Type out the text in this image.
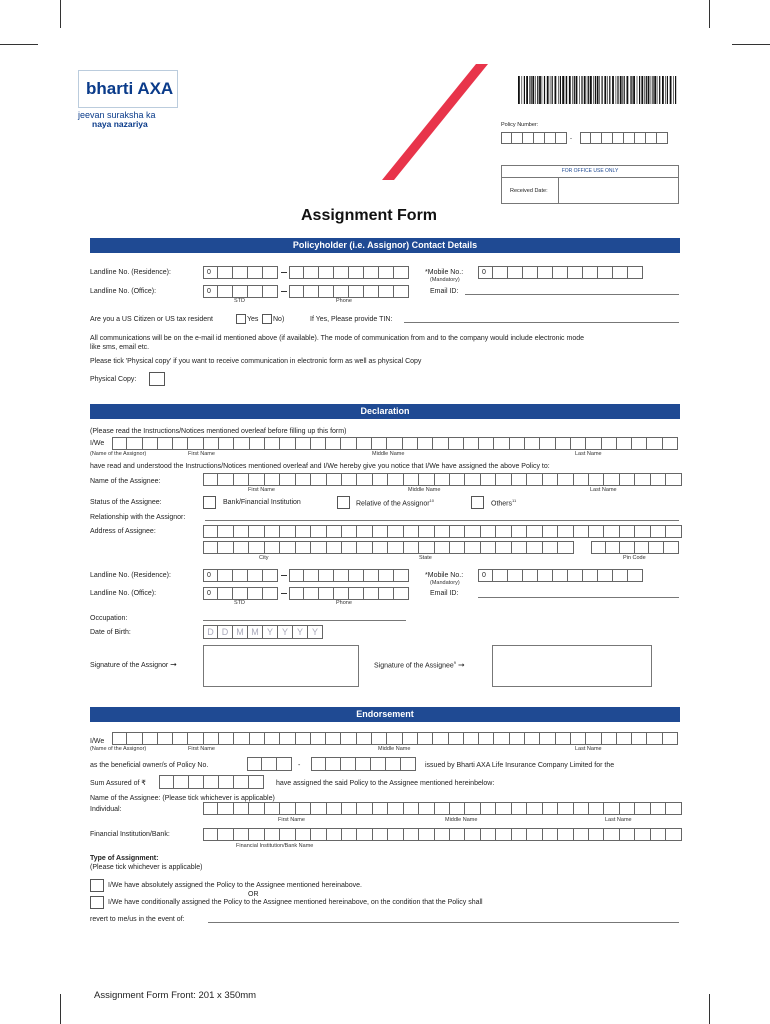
bharti AXA
jeevan suraksha ka
naya nazariya	Policy Number:
-
FOR OFFICE USE ONLY
Received Date:
Assignment Form
Policyholder (i.e. Assignor) Contact Details
Landline No. (Residence):	0	*Mobile No.:
(Mandatory)
0
Landline No. (Office):	0	Email ID:
STD	Phone
Are you a US Citizen or US tax resident	Yes No)	If Yes, Please provide TIN:
All communications will be on the e-mail id mentioned above (if available). The mode of communication from and to the company would include electronic mode
like sms, email etc.
Please tick 'Physical copy' if you want to receive communication in electronic form as well as physical Copy
Physical Copy:
Declaration
(Please read the Instructions/Notices mentioned overleaf before filling up this form)
I/We
(Name of the Assignor)	First Name	Middle Name	Last Name
have read and understood the Instructions/Notices mentioned overleaf and I/We hereby give you notice that I/We have assigned the above Policy to:
Name of the Assignee:
First Name	Middle Name	Last Name
Status of the Assignee:	Bank/Financial Institution	Relative of the Assignor$^{10}$	Others$^{11}$
Relationship with the Assignor:
Address of Assignee:
City	State	Pin Code
Landline No. (Residence):	0	*Mobile No.:
(Mandatory)
0
Landline No. (Office):	0	Email ID:
STD	Phone
Occupation:
Date of Birth:	D D M M Y Y Y Y
Signature of the Assignor ➞	Signature of the Assignee$^9$ ➞
Endorsement
I/We
(Name of the Assignor)	First Name	Middle Name	Last Name
as the beneficial owner/s of Policy No.	-	issued by Bharti AXA Life Insurance Company Limited for the
Sum Assured of ₹	have assigned the said Policy to the Assignee mentioned hereinbelow:
Name of the Assignee: (Please tick whichever is applicable)
Individual:
First Name	Middle Name	Last Name
Financial Institution/Bank:
Financial Institution/Bank Name
Type of Assignment:
(Please tick whichever is applicable)
I/We have absolutely assigned the Policy to the Assignee mentioned hereinabove.
OR
I/We have conditionally assigned the Policy to the Assignee mentioned hereinabove, on the condition that the Policy shall
revert to me/us in the event of:
Assignment Form Front: 201 x 350mm
